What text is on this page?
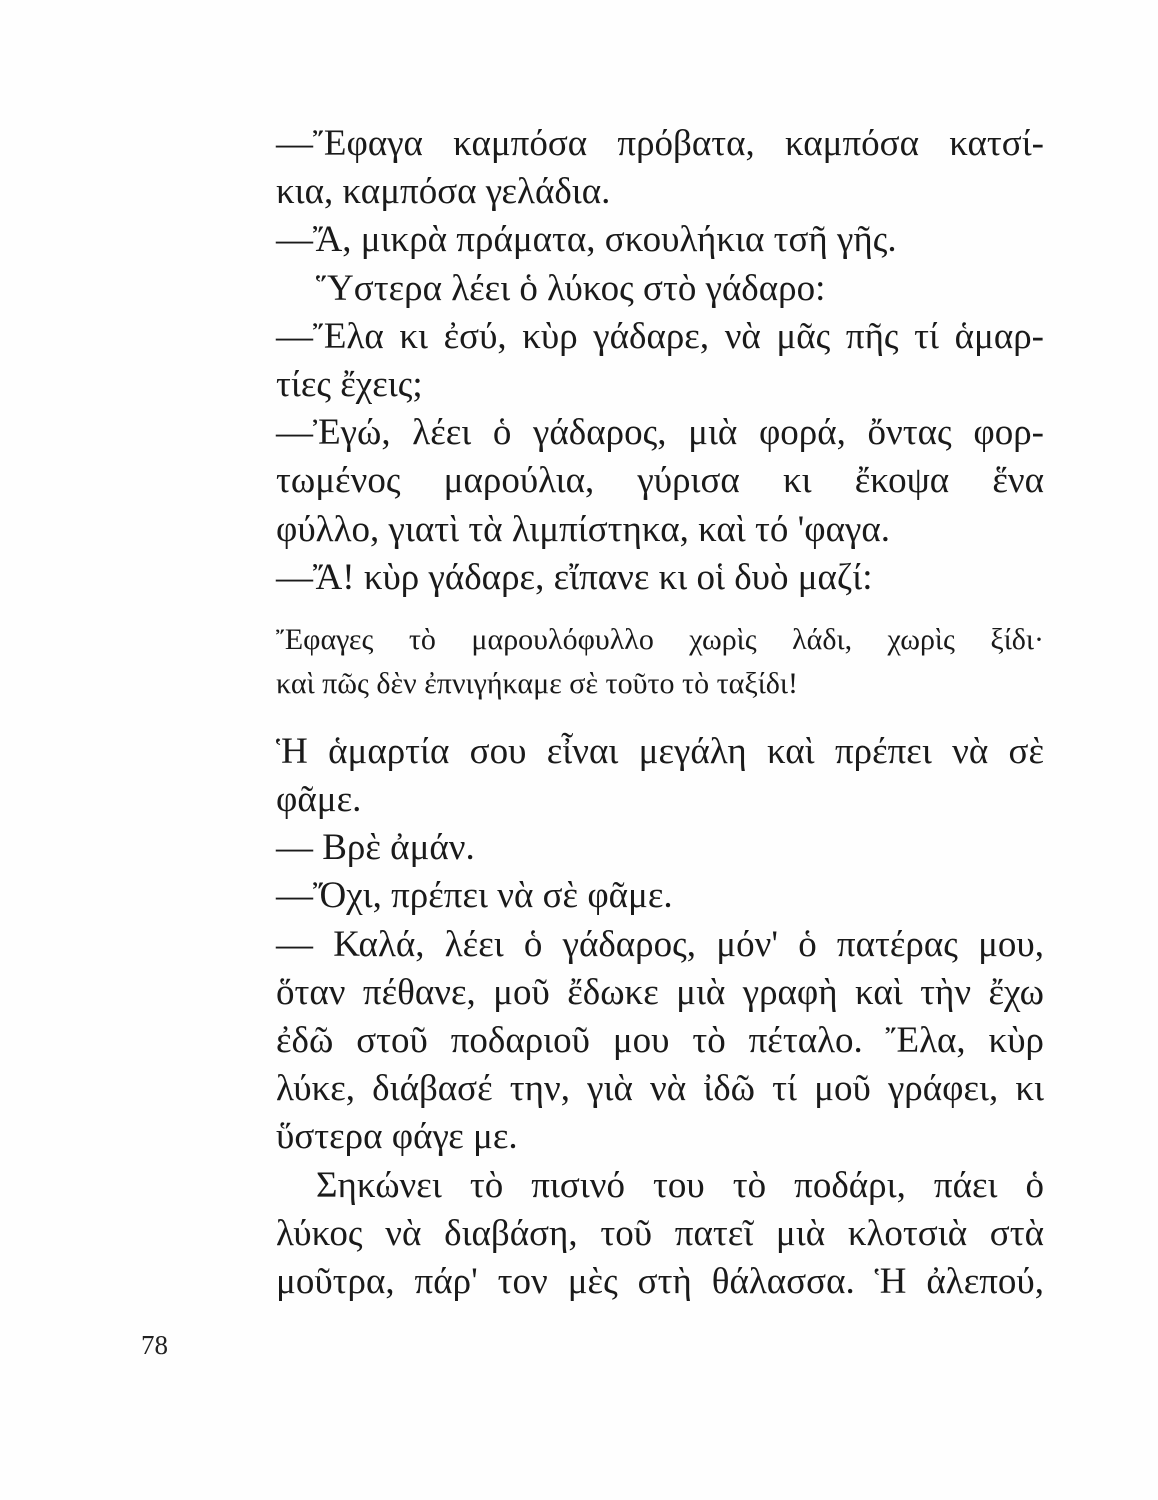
—Ἔφαγα καμπόσα πρόβατα, καμπόσα κατσί-
κια, καμπόσα γελάδια.
—Ἄ, μικρὰ πράματα, σκουλήκια τσῆ γῆς.
Ὕστερα λέει ὁ λύκος στὸ γάδαρο:
—Ἔλα κι ἐσύ, κὺρ γάδαρε, νὰ μᾶς πῆς τί ἁμαρ-
τίες ἔχεις;
—Ἐγώ, λέει ὁ γάδαρος, μιὰ φορά, ὄντας φορ-
τωμένος μαρούλια, γύρισα κι ἔκοψα ἕνα
φύλλο, γιατὶ τὰ λιμπίστηκα, καὶ τό 'φαγα.
—Ἄ! κὺρ γάδαρε, εἴπανε κι οἱ δυὸ μαζί:
Ἔφαγες τὸ μαρουλόφυλλο χωρὶς λάδι, χωρὶς ξίδι·
καὶ πῶς δὲν ἐπνιγήκαμε σὲ τοῦτο τὸ ταξίδι!
Ἡ ἁμαρτία σου εἶναι μεγάλη καὶ πρέπει νὰ σὲ
φᾶμε.
— Βρὲ ἀμάν.
—Ὄχι, πρέπει νὰ σὲ φᾶμε.
— Καλά, λέει ὁ γάδαρος, μόν' ὁ πατέρας μου,
ὅταν πέθανε, μοῦ ἔδωκε μιὰ γραφὴ καὶ τὴν ἔχω
ἐδῶ στοῦ ποδαριοῦ μου τὸ πέταλο. Ἔλα, κὺρ
λύκε, διάβασέ την, γιὰ νὰ ἰδῶ τί μοῦ γράφει, κι
ὕστερα φάγε με.
Σηκώνει τὸ πισινό του τὸ ποδάρι, πάει ὁ
λύκος νὰ διαβάση, τοῦ πατεῖ μιὰ κλοτσιὰ στὰ
μοῦτρα, πάρ' τον μὲς στὴ θάλασσα. Ἡ ἀλεπού,
78
